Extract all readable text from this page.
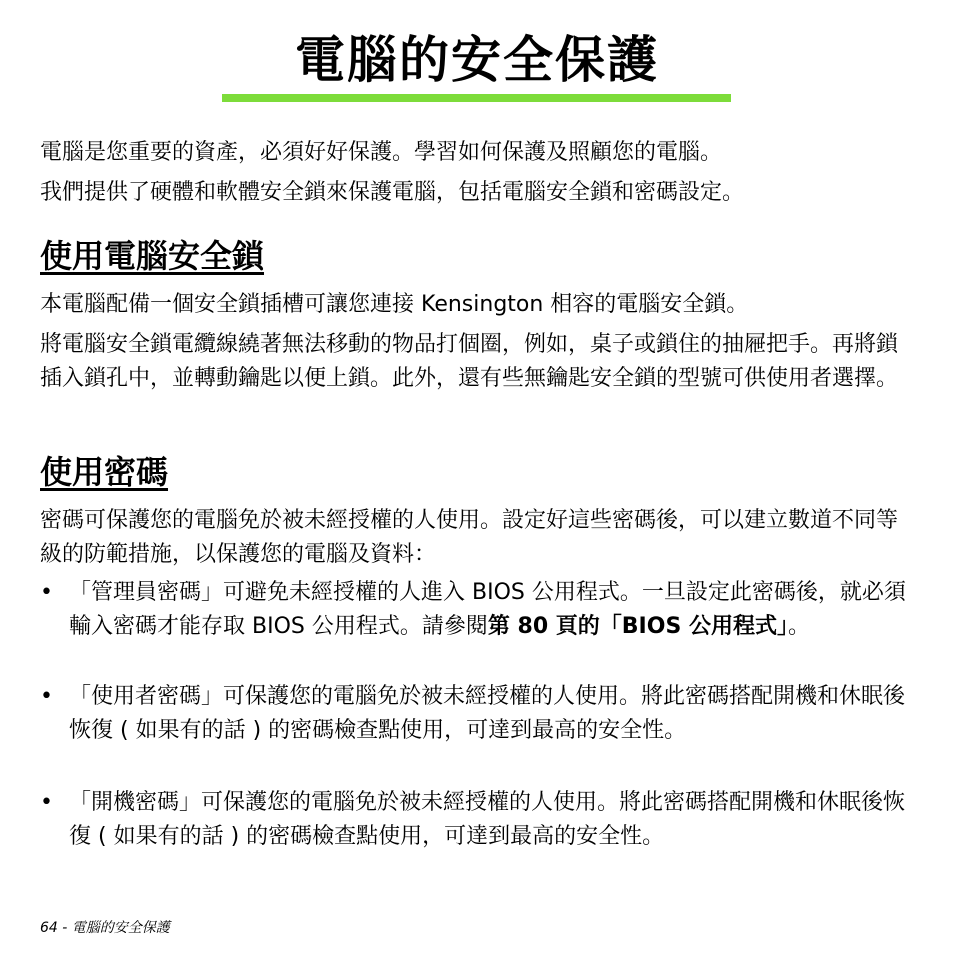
電腦的安全保護

電腦是您重要的資產，必須好好保護。學習如何保護及照顧您的電腦。

我們提供了硬體和軟體安全鎖來保護電腦，包括電腦安全鎖和密碼設定。

使用電腦安全鎖

本電腦配備一個安全鎖插槽可讓您連接 Kensington 相容的電腦安全鎖。

將電腦安全鎖電纜線繞著無法移動的物品打個圈，例如，桌子或鎖住的抽屜把手。再將鎖插入鎖孔中，並轉動鑰匙以便上鎖。此外，還有些無鑰匙安全鎖的型號可供使用者選擇。

使用密碼

密碼可保護您的電腦免於被未經授權的人使用。設定好這些密碼後，可以建立數道不同等級的防範措施，以保護您的電腦及資料：

• 「管理員密碼」可避免未經授權的人進入 BIOS 公用程式。一旦設定此密碼後，就必須輸入密碼才能存取 BIOS 公用程式。請參閱第 80 頁的「BIOS 公用程式」。
• 「使用者密碼」可保護您的電腦免於被未經授權的人使用。將此密碼搭配開機和休眠後恢復 ( 如果有的話 ) 的密碼檢查點使用，可達到最高的安全性。
• 「開機密碼」可保護您的電腦免於被未經授權的人使用。將此密碼搭配開機和休眠後恢復 ( 如果有的話 ) 的密碼檢查點使用，可達到最高的安全性。
64 - 電腦的安全保護
